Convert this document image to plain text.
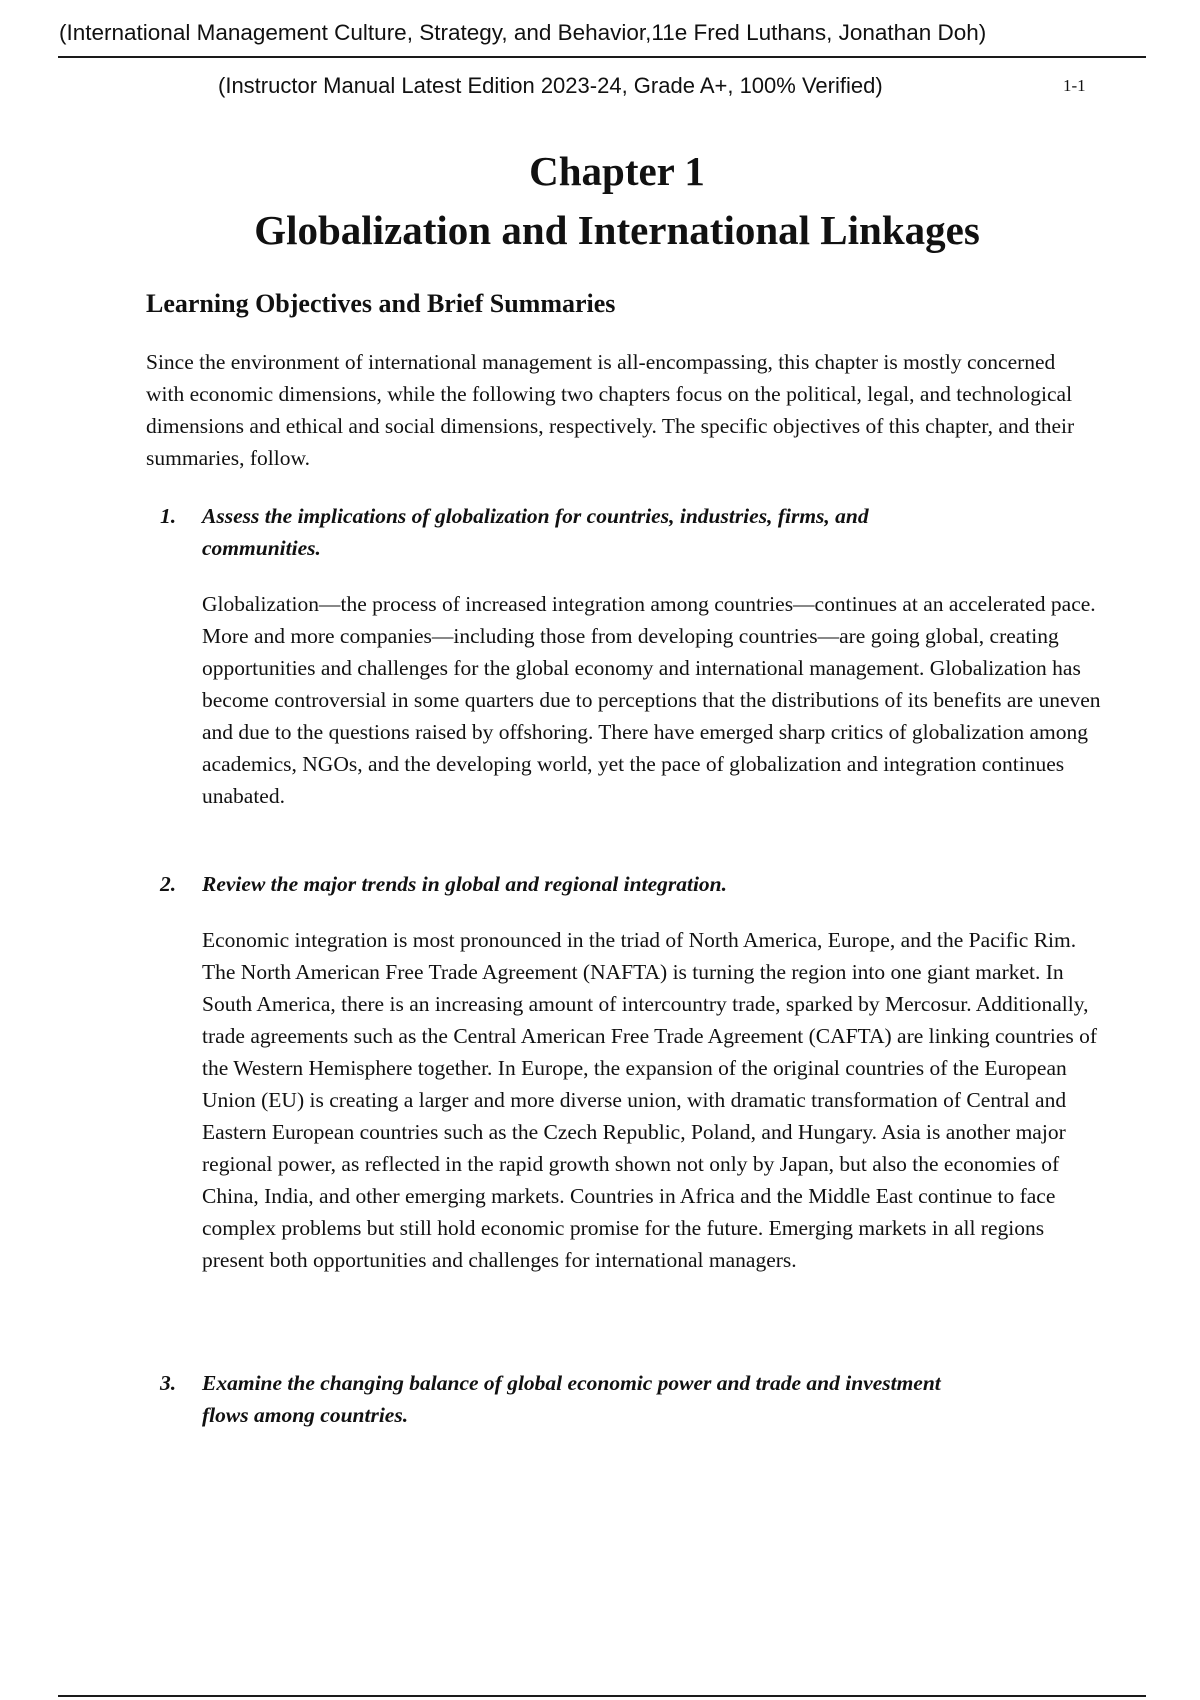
(International Management Culture, Strategy, and Behavior,11e Fred Luthans, Jonathan Doh)
(Instructor Manual Latest Edition 2023-24, Grade A+, 100% Verified)	1-1
Chapter 1
Globalization and International Linkages
Learning Objectives and Brief Summaries

Since the environment of international management is all-encompassing, this chapter is mostly concerned with economic dimensions, while the following two chapters focus on the political, legal, and technological dimensions and ethical and social dimensions, respectively. The specific objectives of this chapter, and their summaries, follow.

1. Assess the implications of globalization for countries, industries, firms, and communities.

Globalization—the process of increased integration among countries—continues at an accelerated pace. More and more companies—including those from developing countries—are going global, creating opportunities and challenges for the global economy and international management. Globalization has become controversial in some quarters due to perceptions that the distributions of its benefits are uneven and due to the questions raised by offshoring. There have emerged sharp critics of globalization among academics, NGOs, and the developing world, yet the pace of globalization and integration continues unabated.

2. Review the major trends in global and regional integration.

Economic integration is most pronounced in the triad of North America, Europe, and the Pacific Rim. The North American Free Trade Agreement (NAFTA) is turning the region into one giant market. In South America, there is an increasing amount of intercountry trade, sparked by Mercosur. Additionally, trade agreements such as the Central American Free Trade Agreement (CAFTA) are linking countries of the Western Hemisphere together. In Europe, the expansion of the original countries of the European Union (EU) is creating a larger and more diverse union, with dramatic transformation of Central and Eastern European countries such as the Czech Republic, Poland, and Hungary. Asia is another major regional power, as reflected in the rapid growth shown not only by Japan, but also the economies of China, India, and other emerging markets. Countries in Africa and the Middle East continue to face complex problems but still hold economic promise for the future. Emerging markets in all regions present both opportunities and challenges for international managers.

3. Examine the changing balance of global economic power and trade and investment flows among countries.
